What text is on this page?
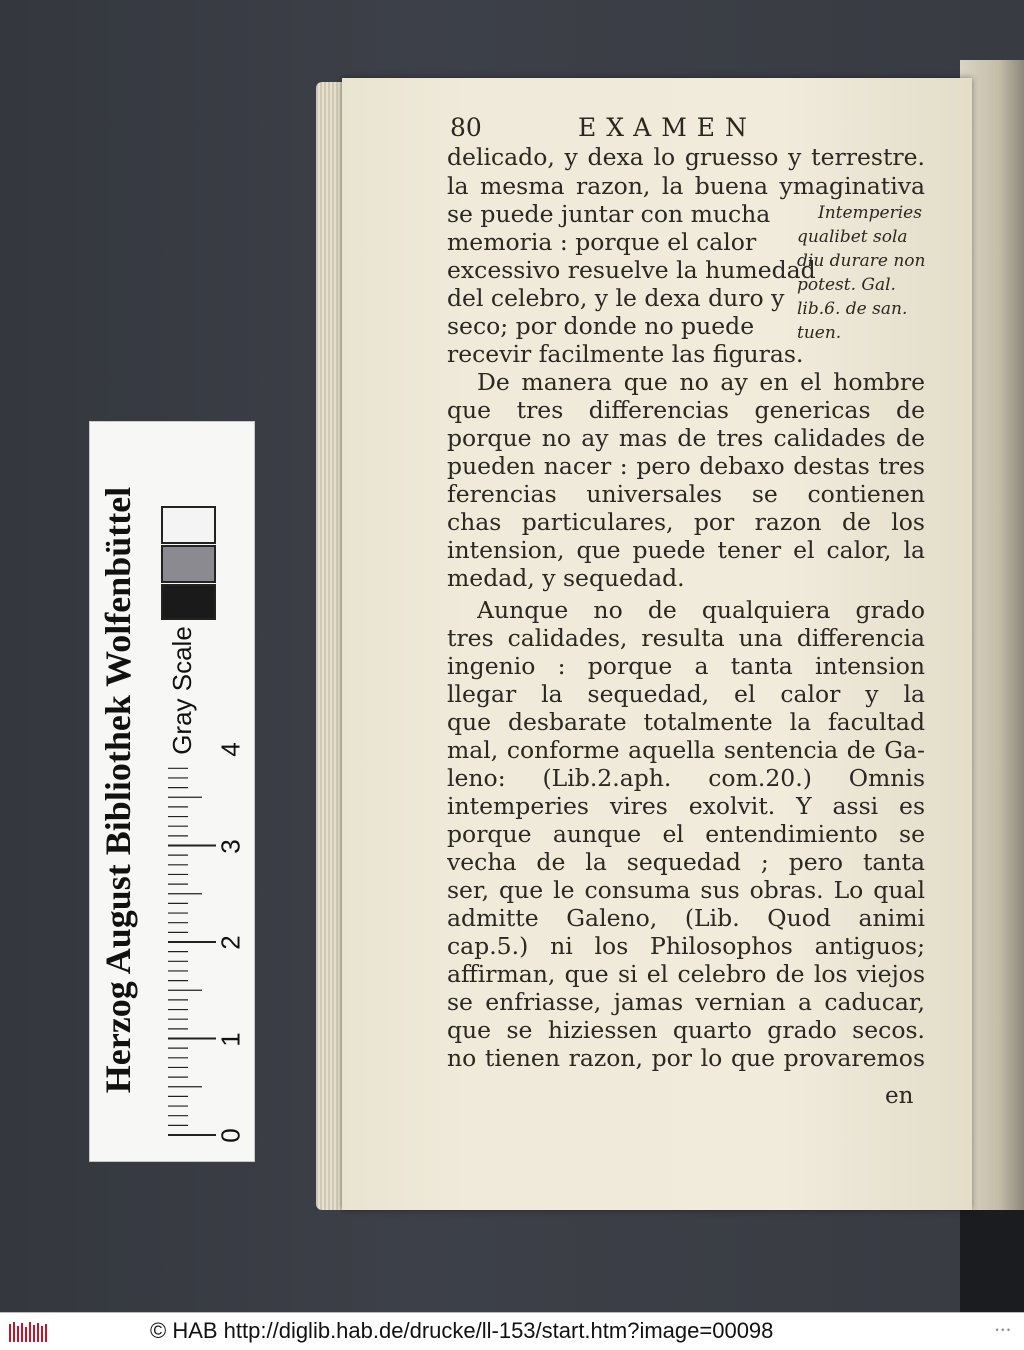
80	EXAMEN
delicado, y dexa lo gruesso y terrestre.
la mesma razon, la buena ymaginativa
se puede juntar con mucha
memoria : porque el calor
excessivo resuelve la humedad
del celebro, y le dexa duro y
seco; por donde no puede
recevir facilmente las figuras.
De manera que no ay en el hombre
que tres differencias genericas de
porque no ay mas de tres calidades de
pueden nacer : pero debaxo destas tres
ferencias universales se contienen
chas particulares, por razon de los
intension, que puede tener el calor, la
medad, y sequedad.
Aunque no de qualquiera grado
tres calidades, resulta una differencia
ingenio : porque a tanta intension
llegar la sequedad, el calor y la
que desbarate totalmente la facultad
mal, conforme aquella sentencia de Ga-
leno: (Lib.2.aph. com.20.) Omnis
intemperies vires exolvit. Y assi es
porque aunque el entendimiento se
vecha de la sequedad ; pero tanta
ser, que le consuma sus obras. Lo qual
admitte Galeno, (Lib. Quod animi
cap.5.) ni los Philosophos antiguos;
affirman, que si el celebro de los viejos
se enfriasse, jamas vernian a caducar,
que se hiziessen quarto grado secos.
no tienen razon, por lo que provaremos
Intemperies
qualibet sola
diu durare non
potest. Gal.
lib.6. de san.
tuen.
en
Herzog August Bibliothek Wolfenbüttel Gray Scale
0
1
2
3
4
© HAB http://diglib.hab.de/drucke/ll-153/start.htm?image=00098	• • •
